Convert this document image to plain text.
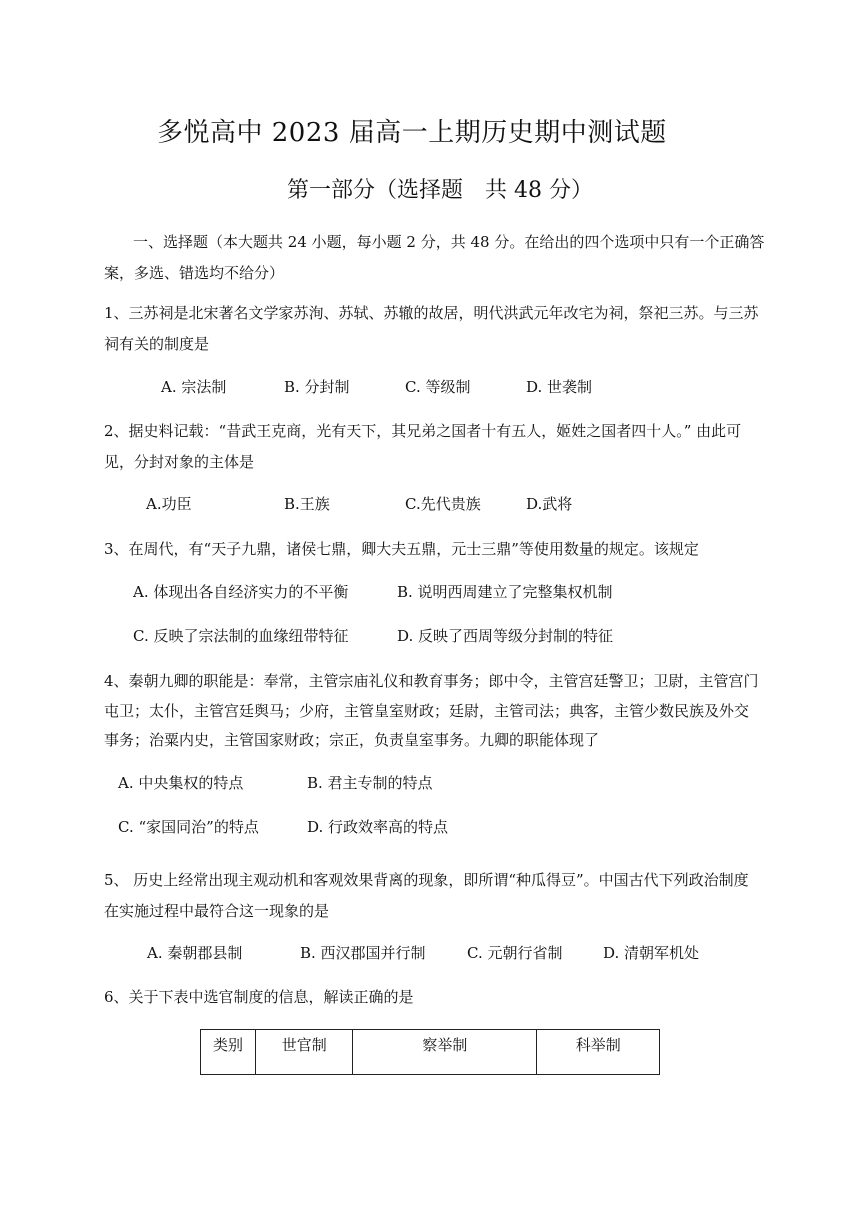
多悦高中 2023 届高一上期历史期中测试题
第一部分（选择题　共 48 分）
一、选择题（本大题共 24 小题，每小题 2 分，共 48 分。在给出的四个选项中只有一个正确答
案，多选、错选均不给分）
1、三苏祠是北宋著名文学家苏洵、苏轼、苏辙的故居，明代洪武元年改宅为祠，祭祀三苏。与三苏
祠有关的制度是
A. 宗法制	B. 分封制	C. 等级制	D. 世袭制
2、据史料记载：“昔武王克商，光有天下，其兄弟之国者十有五人，姬姓之国者四十人。” 由此可
见，分封对象的主体是
A.功臣	B.王族	C.先代贵族	D.武将
3、在周代，有“天子九鼎，诸侯七鼎，卿大夫五鼎，元士三鼎”等使用数量的规定。该规定
A. 体现出各自经济实力的不平衡	B. 说明西周建立了完整集权机制
C. 反映了宗法制的血缘纽带特征	D. 反映了西周等级分封制的特征
4、秦朝九卿的职能是：奉常，主管宗庙礼仪和教育事务；郎中令，主管宫廷警卫；卫尉，主管宫门
屯卫；太仆，主管宫廷舆马；少府，主管皇室财政；廷尉，主管司法；典客，主管少数民族及外交
事务；治粟内史，主管国家财政；宗正，负责皇室事务。九卿的职能体现了
A. 中央集权的特点	B. 君主专制的特点
C. “家国同治”的特点	D. 行政效率高的特点
5、 历史上经常出现主观动机和客观效果背离的现象，即所谓“种瓜得豆”。中国古代下列政治制度
在实施过程中最符合这一现象的是
A. 秦朝郡县制	B. 西汉郡国并行制	C. 元朝行省制	D. 清朝军机处
6、关于下表中选官制度的信息，解读正确的是
类别	世官制	察举制	科举制
